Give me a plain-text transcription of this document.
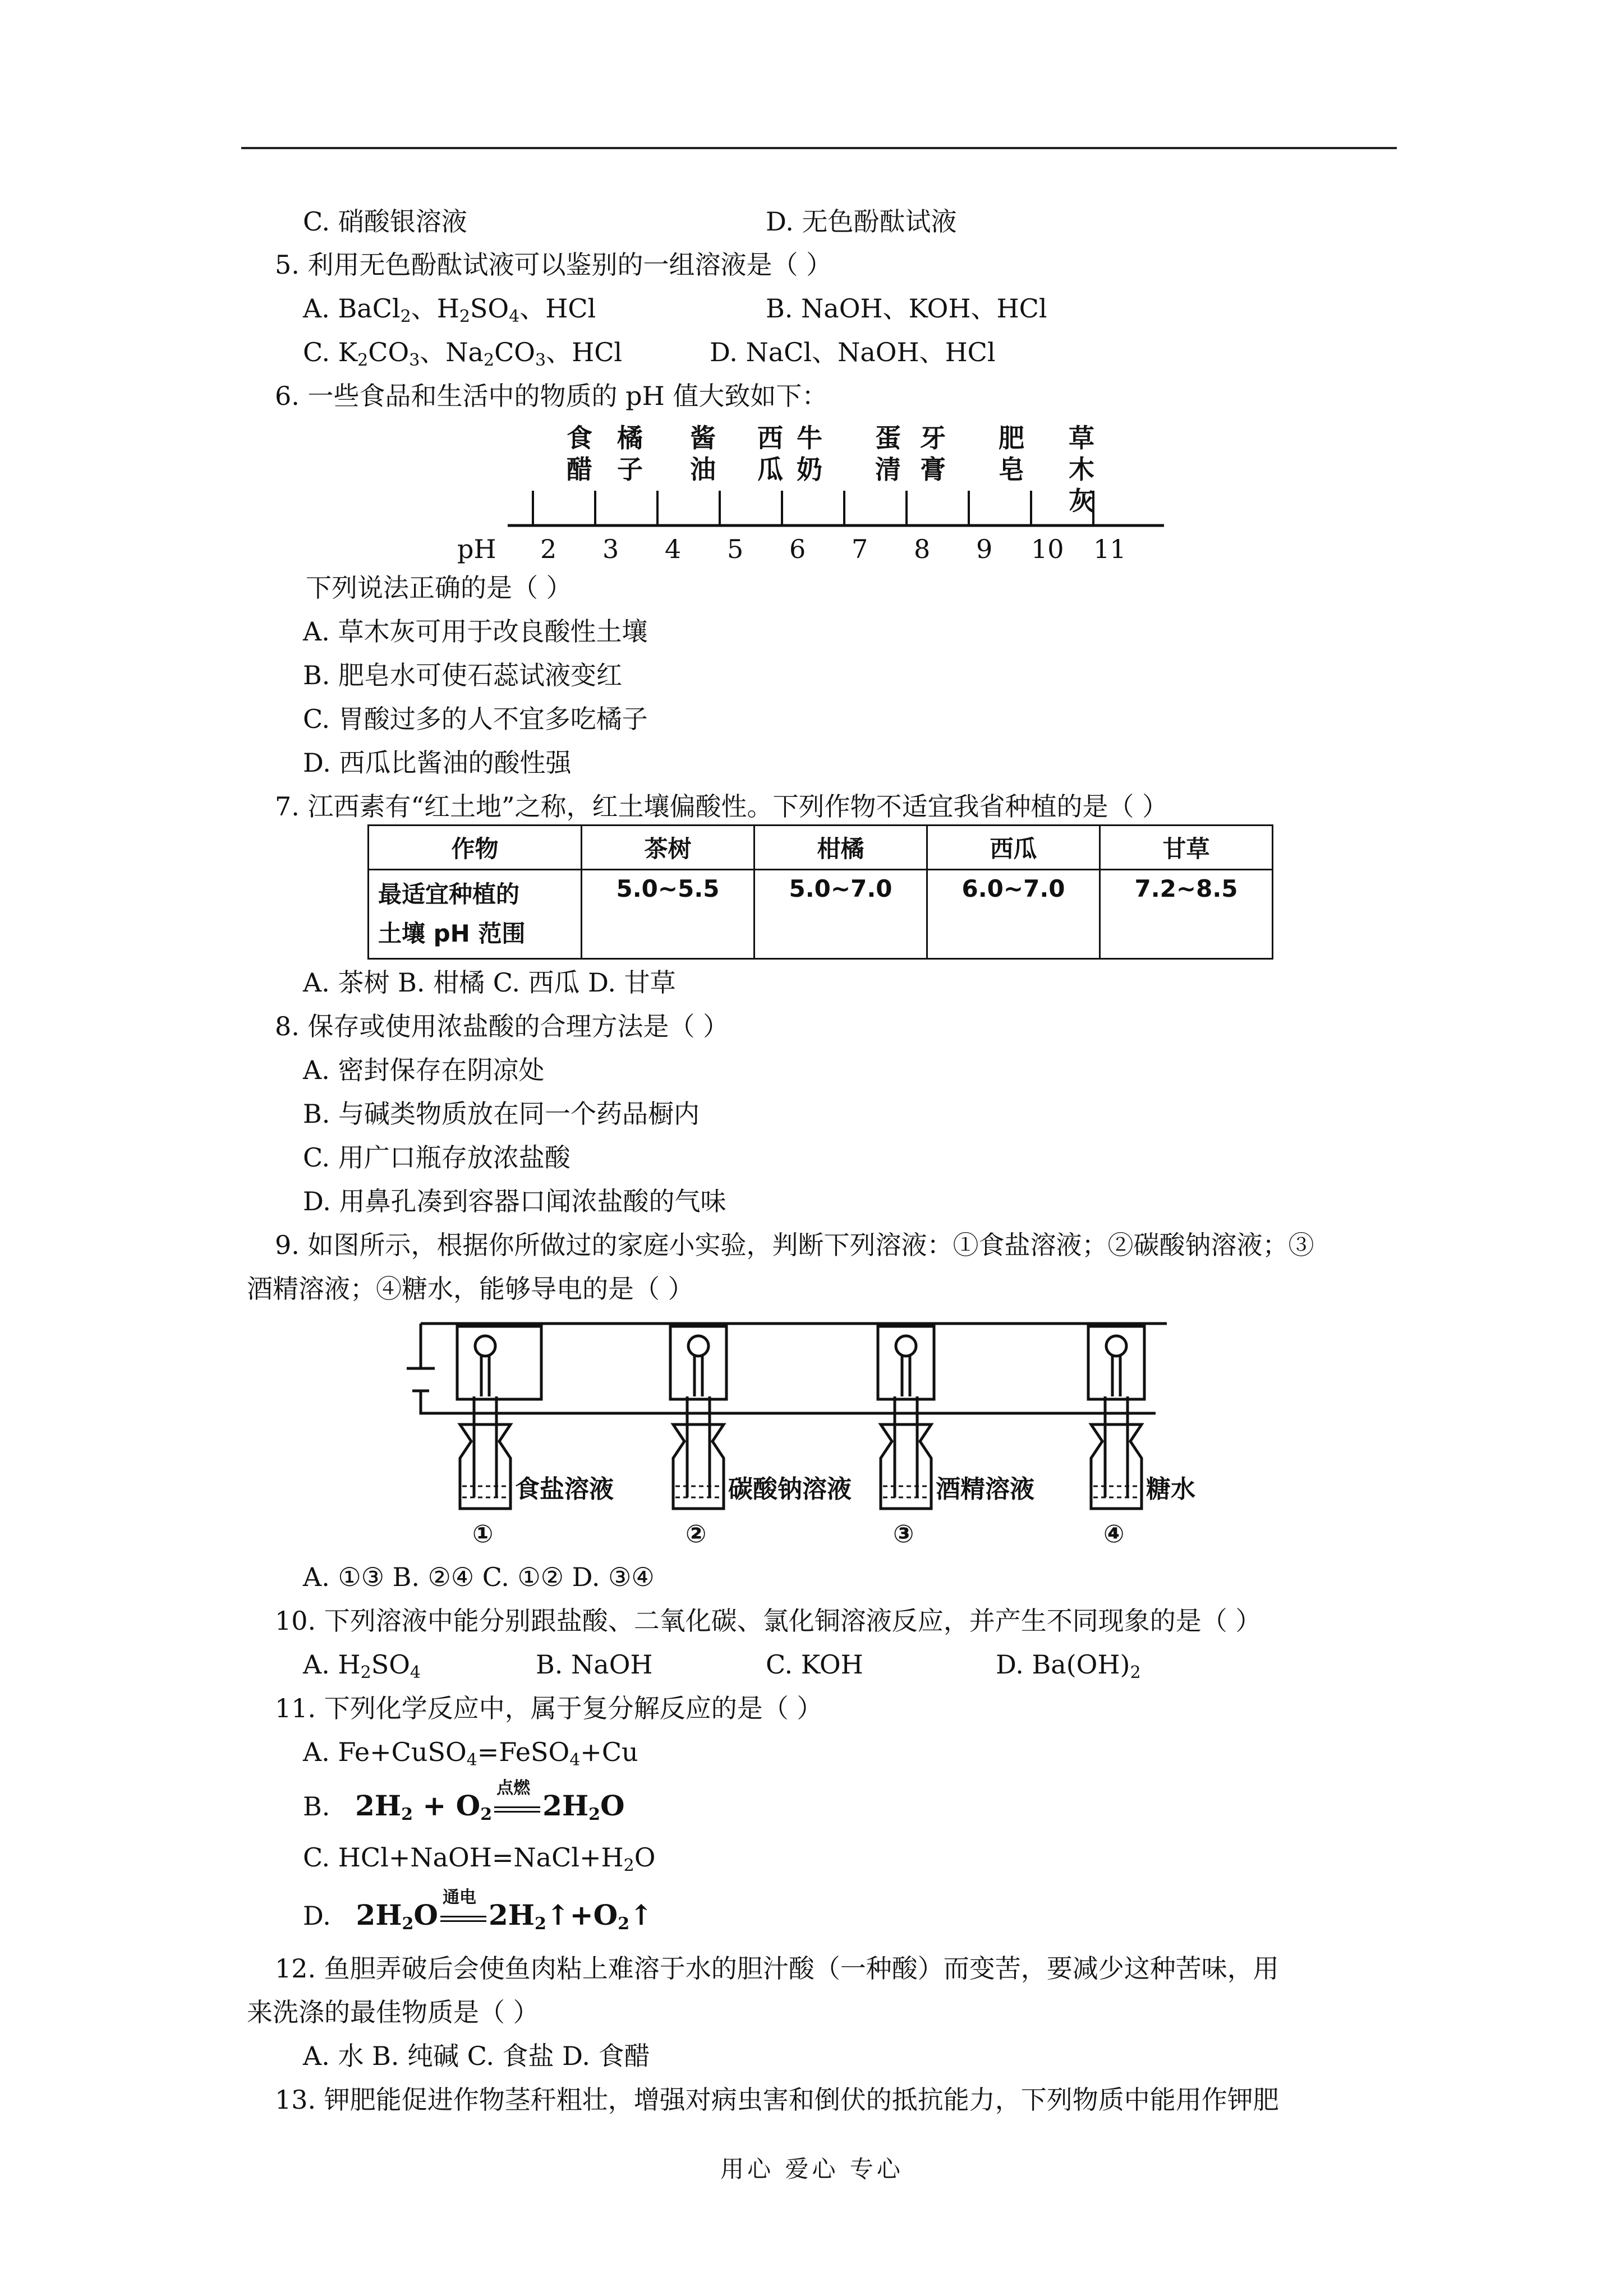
C. 硝酸银溶液	D. 无色酚酞试液
5. 利用无色酚酞试液可以鉴别的一组溶液是（ ）
A. BaCl$_2$、$H_2SO_4$、HCl	B. NaOH、KOH、HCl
C. $K_2CO_3$、$Na_2CO_3$、HCl	D. NaCl、NaOH、HCl
6. 一些食品和生活中的物质的 pH 值大致如下：
食
醋
橘
子
酱
油
西
瓜
牛
奶
蛋
清
牙
膏
肥
皂
草
木
灰
2 3 4 5 6 7 8 9 10 11
pH
下列说法正确的是（ ）
A. 草木灰可用于改良酸性土壤
B. 肥皂水可使石蕊试液变红
C. 胃酸过多的人不宜多吃橘子
D. 西瓜比酱油的酸性强
7. 江西素有“红土地”之称，红土壤偏酸性。下列作物不适宜我省种植的是（ ）
作物	茶树	柑橘	西瓜	甘草
最适宜种植的
土壤 pH 范围	5.0~5.5	5.0~7.0	6.0~7.0	7.2~8.5
A. 茶树 B. 柑橘 C. 西瓜 D. 甘草
8. 保存或使用浓盐酸的合理方法是（ ）
A. 密封保存在阴凉处
B. 与碱类物质放在同一个药品橱内
C. 用广口瓶存放浓盐酸
D. 用鼻孔凑到容器口闻浓盐酸的气味
9. 如图所示，根据你所做过的家庭小实验，判断下列溶液：①食盐溶液；②碳酸钠溶液；③
酒精溶液；④糖水，能够导电的是（ ）
食盐溶液	碳酸钠溶液	酒精溶液	糖水
①	②	③	④
A. ①③ B. ②④ C. ①② D. ③④
10. 下列溶液中能分别跟盐酸、二氧化碳、氯化铜溶液反应，并产生不同现象的是（ ）
A. $H_2SO_4$	B. NaOH	C. KOH	D. $Ba(OH)_2$
11. 下列化学反应中，属于复分解反应的是（ ）
A. Fe+CuSO$_4$=FeSO$_4$+Cu
B. $2H_2 + O_2$
点燃
$2H_2O$
C. $HCl+NaOH=NaCl+H_2O$
D. $2H_2O$
通电
$2H_2↑+O_2↑$
12. 鱼胆弄破后会使鱼肉粘上难溶于水的胆汁酸（一种酸）而变苦，要减少这种苦味，用
来洗涤的最佳物质是（ ）
A. 水 B. 纯碱 C. 食盐 D. 食醋
13. 钾肥能促进作物茎秆粗壮，增强对病虫害和倒伏的抵抗能力，下列物质中能用作钾肥
用心 爱心 专心
